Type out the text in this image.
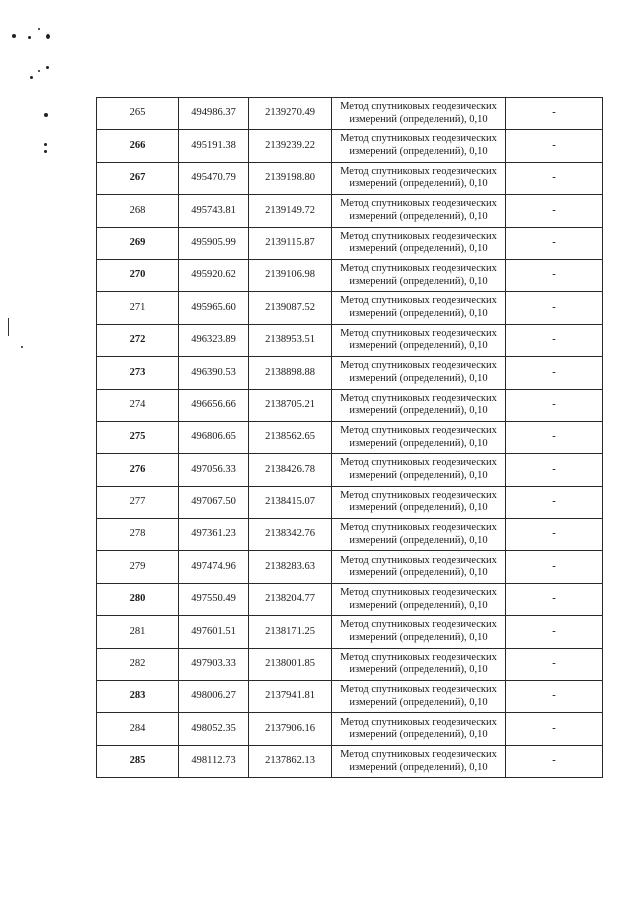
265	494986.37	2139270.49	Метод спутниковых геодезических
измерений (определений), 0,10	-
266	495191.38	2139239.22	Метод спутниковых геодезических
измерений (определений), 0,10	-
267	495470.79	2139198.80	Метод спутниковых геодезических
измерений (определений), 0,10	-
268	495743.81	2139149.72	Метод спутниковых геодезических
измерений (определений), 0,10	-
269	495905.99	2139115.87	Метод спутниковых геодезических
измерений (определений), 0,10	-
270	495920.62	2139106.98	Метод спутниковых геодезических
измерений (определений), 0,10	-
271	495965.60	2139087.52	Метод спутниковых геодезических
измерений (определений), 0,10	-
272	496323.89	2138953.51	Метод спутниковых геодезических
измерений (определений), 0,10	-
273	496390.53	2138898.88	Метод спутниковых геодезических
измерений (определений), 0,10	-
274	496656.66	2138705.21	Метод спутниковых геодезических
измерений (определений), 0,10	-
275	496806.65	2138562.65	Метод спутниковых геодезических
измерений (определений), 0,10	-
276	497056.33	2138426.78	Метод спутниковых геодезических
измерений (определений), 0,10	-
277	497067.50	2138415.07	Метод спутниковых геодезических
измерений (определений), 0,10	-
278	497361.23	2138342.76	Метод спутниковых геодезических
измерений (определений), 0,10	-
279	497474.96	2138283.63	Метод спутниковых геодезических
измерений (определений), 0,10	-
280	497550.49	2138204.77	Метод спутниковых геодезических
измерений (определений), 0,10	-
281	497601.51	2138171.25	Метод спутниковых геодезических
измерений (определений), 0,10	-
282	497903.33	2138001.85	Метод спутниковых геодезических
измерений (определений), 0,10	-
283	498006.27	2137941.81	Метод спутниковых геодезических
измерений (определений), 0,10	-
284	498052.35	2137906.16	Метод спутниковых геодезических
измерений (определений), 0,10	-
285	498112.73	2137862.13	Метод спутниковых геодезических
измерений (определений), 0,10	-
